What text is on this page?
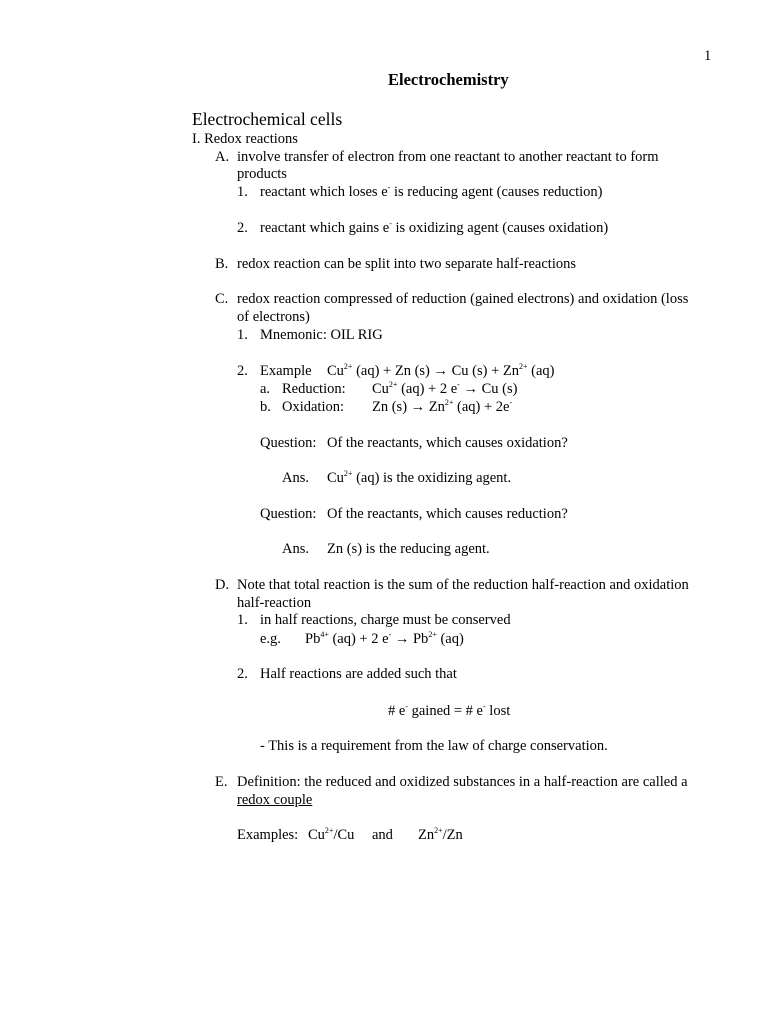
1
Electrochemistry
Electrochemical cells
I. Redox reactions
A. involve transfer of electron from one reactant to another reactant to form
products
1. reactant which loses e- is reducing agent (causes reduction)
2. reactant which gains e- is oxidizing agent (causes oxidation)
B. redox reaction can be split into two separate half-reactions
C. redox reaction compressed of reduction (gained electrons) and oxidation (loss
of electrons)
1. Mnemonic: OIL RIG
2. Example $Cu^{2+}$ (aq) + Zn (s) → Cu $(s) + Zn^{2+}$ (aq)
a. Reduction: $Cu^{2+}$ (aq) + 2 e- → Cu (s)
b. Oxidation: Zn $(s) \to Zn^{2+}$ (aq) + 2e-
Question: Of the reactants, which causes oxidation?
Ans. $Cu^{2+}$ (aq) is the oxidizing agent.
Question: Of the reactants, which causes reduction?
Ans. Zn (s) is the reducing agent.
D. Note that total reaction is the sum of the reduction half-reaction and oxidation
half-reaction
1. in half reactions, charge must be conserved
e.g. $Pb^{4+}$ (aq) + 2 $e^- \to Pb^{2+}$ (aq)
2. Half reactions are added such that
# e- gained = # e- lost
- This is a requirement from the law of charge conservation.
E. Definition: the reduced and oxidized substances in a half-reaction are called a
redox couple
Examples: $Cu^{2+}/Cu$ and $Zn^{2+}/Zn$
